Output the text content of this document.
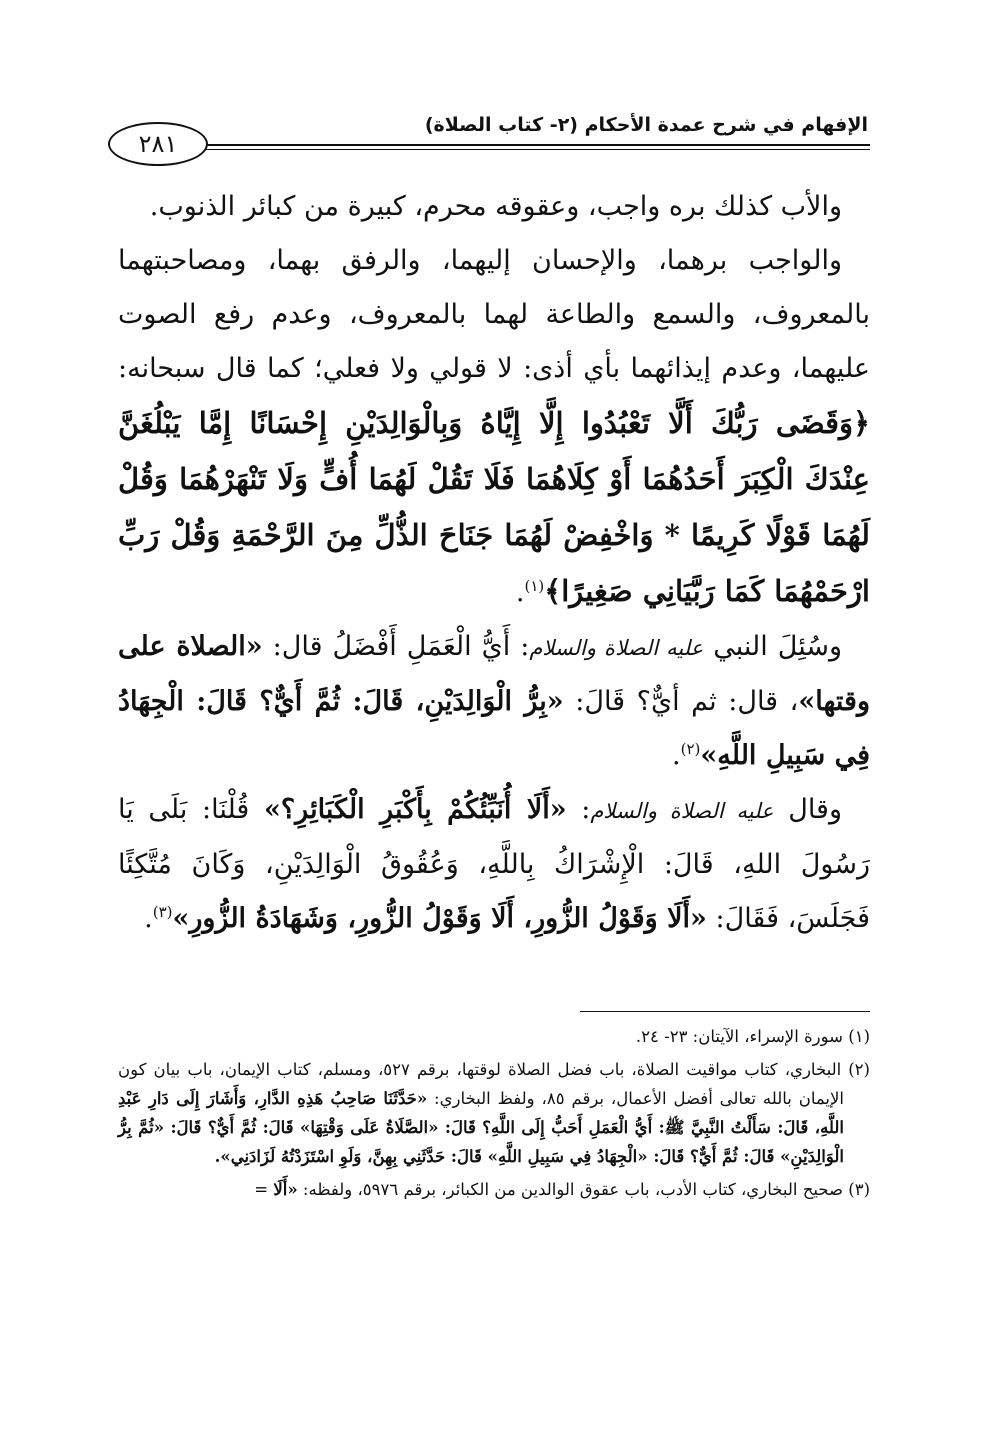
الإفهام في شرح عمدة الأحكام (٢- كتاب الصلاة)
٢٨١

والأب كذلك بره واجب، وعقوقه محرم، كبيرة من كبائر الذنوب.

والواجب برهما، والإحسان إليهما، والرفق بهما، ومصاحبتهما بالمعروف، والسمع والطاعة لهما بالمعروف، وعدم رفع الصوت عليهما، وعدم إيذائهما بأي أذى: لا قولي ولا فعلي؛ كما قال سبحانه: ﴿وَقَضَى رَبُّكَ أَلَّا تَعْبُدُوا إِلَّا إِيَّاهُ وَبِالْوَالِدَيْنِ إِحْسَانًا إِمَّا يَبْلُغَنَّ عِنْدَكَ الْكِبَرَ أَحَدُهُمَا أَوْ كِلَاهُمَا فَلَا تَقُلْ لَهُمَا أُفٍّ وَلَا تَنْهَرْهُمَا وَقُلْ لَهُمَا قَوْلًا كَرِيمًا * وَاخْفِضْ لَهُمَا جَنَاحَ الذُّلِّ مِنَ الرَّحْمَةِ وَقُلْ رَبِّ ارْحَمْهُمَا كَمَا رَبَّيَانِي صَغِيرًا﴾$^{(١)}$.

وسُئِلَ النبي عليه الصلاة والسلام: أَيُّ الْعَمَلِ أَفْضَلُ قال: «الصلاة على وقتها»، قال: ثم أيٌّ؟ قَالَ: «بِرُّ الْوَالِدَيْنِ، قَالَ: ثُمَّ أَيٌّ؟ قَالَ: الْجِهَادُ فِي سَبِيلِ اللَّهِ»$^{(٢)}$.

وقال عليه الصلاة والسلام: «أَلَا أُنَبِّئُكُمْ بِأَكْبَرِ الْكَبَائِرِ؟» قُلْنَا: بَلَى يَا رَسُولَ اللهِ، قَالَ: الْإِشْرَاكُ بِاللَّهِ، وَعُقُوقُ الْوَالِدَيْنِ، وَكَانَ مُتَّكِئًا فَجَلَسَ، فَقَالَ: «أَلَا وَقَوْلُ الزُّورِ، أَلَا وَقَوْلُ الزُّورِ، وَشَهَادَةُ الزُّورِ»$^{(٣)}$.

(١) سورة الإسراء، الآيتان: ٢٣- ٢٤.

(٢) البخاري، كتاب مواقيت الصلاة، باب فضل الصلاة لوقتها، برقم ٥٢٧، ومسلم، كتاب الإيمان، باب بيان كون الإيمان بالله تعالى أفضل الأعمال، برقم ٨٥، ولفظ البخاري: «حَدَّثَنَا صَاحِبُ هَذِهِ الدَّارِ، وَأَشَارَ إِلَى دَارِ عَبْدِ اللَّهِ، قَالَ: سَأَلْتُ النَّبِيَّ ﷺ: أَيُّ الْعَمَلِ أَحَبُّ إِلَى اللَّهِ؟ قَالَ: «الصَّلَاةُ عَلَى وَقْتِهَا» قَالَ: ثُمَّ أَيٌّ؟ قَالَ: «ثُمَّ بِرُّ الْوَالِدَيْنِ» قَالَ: ثُمَّ أَيٌّ؟ قَالَ: «الْجِهَادُ فِي سَبِيلِ اللَّهِ» قَالَ: حَدَّثَنِي بِهِنَّ، وَلَوِ اسْتَزَدْتُهُ لَزَادَنِي».

(٣) صحيح البخاري، كتاب الأدب، باب عقوق الوالدين من الكبائر، برقم ٥٩٧٦، ولفظه: «أَلَا =
